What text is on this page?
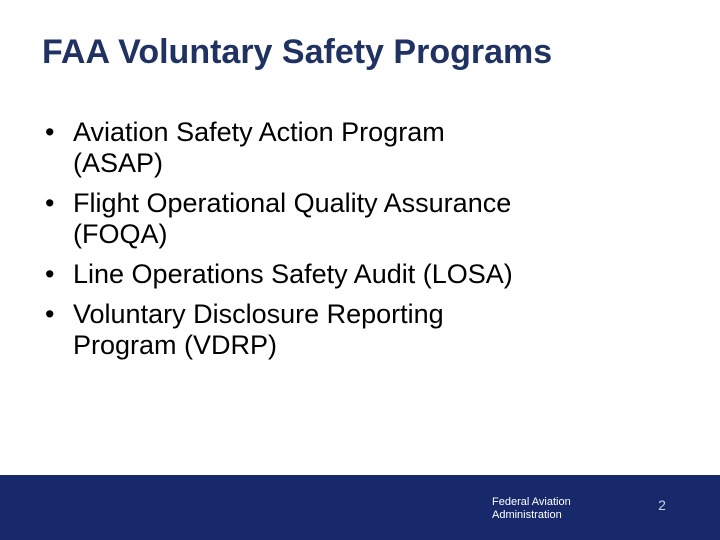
FAA Voluntary Safety Programs
• Aviation Safety Action Program
(ASAP)
• Flight Operational Quality Assurance
(FOQA)
• Line Operations Safety Audit (LOSA)
• Voluntary Disclosure Reporting
Program (VDRP)
Federal Aviation
Administration
2
